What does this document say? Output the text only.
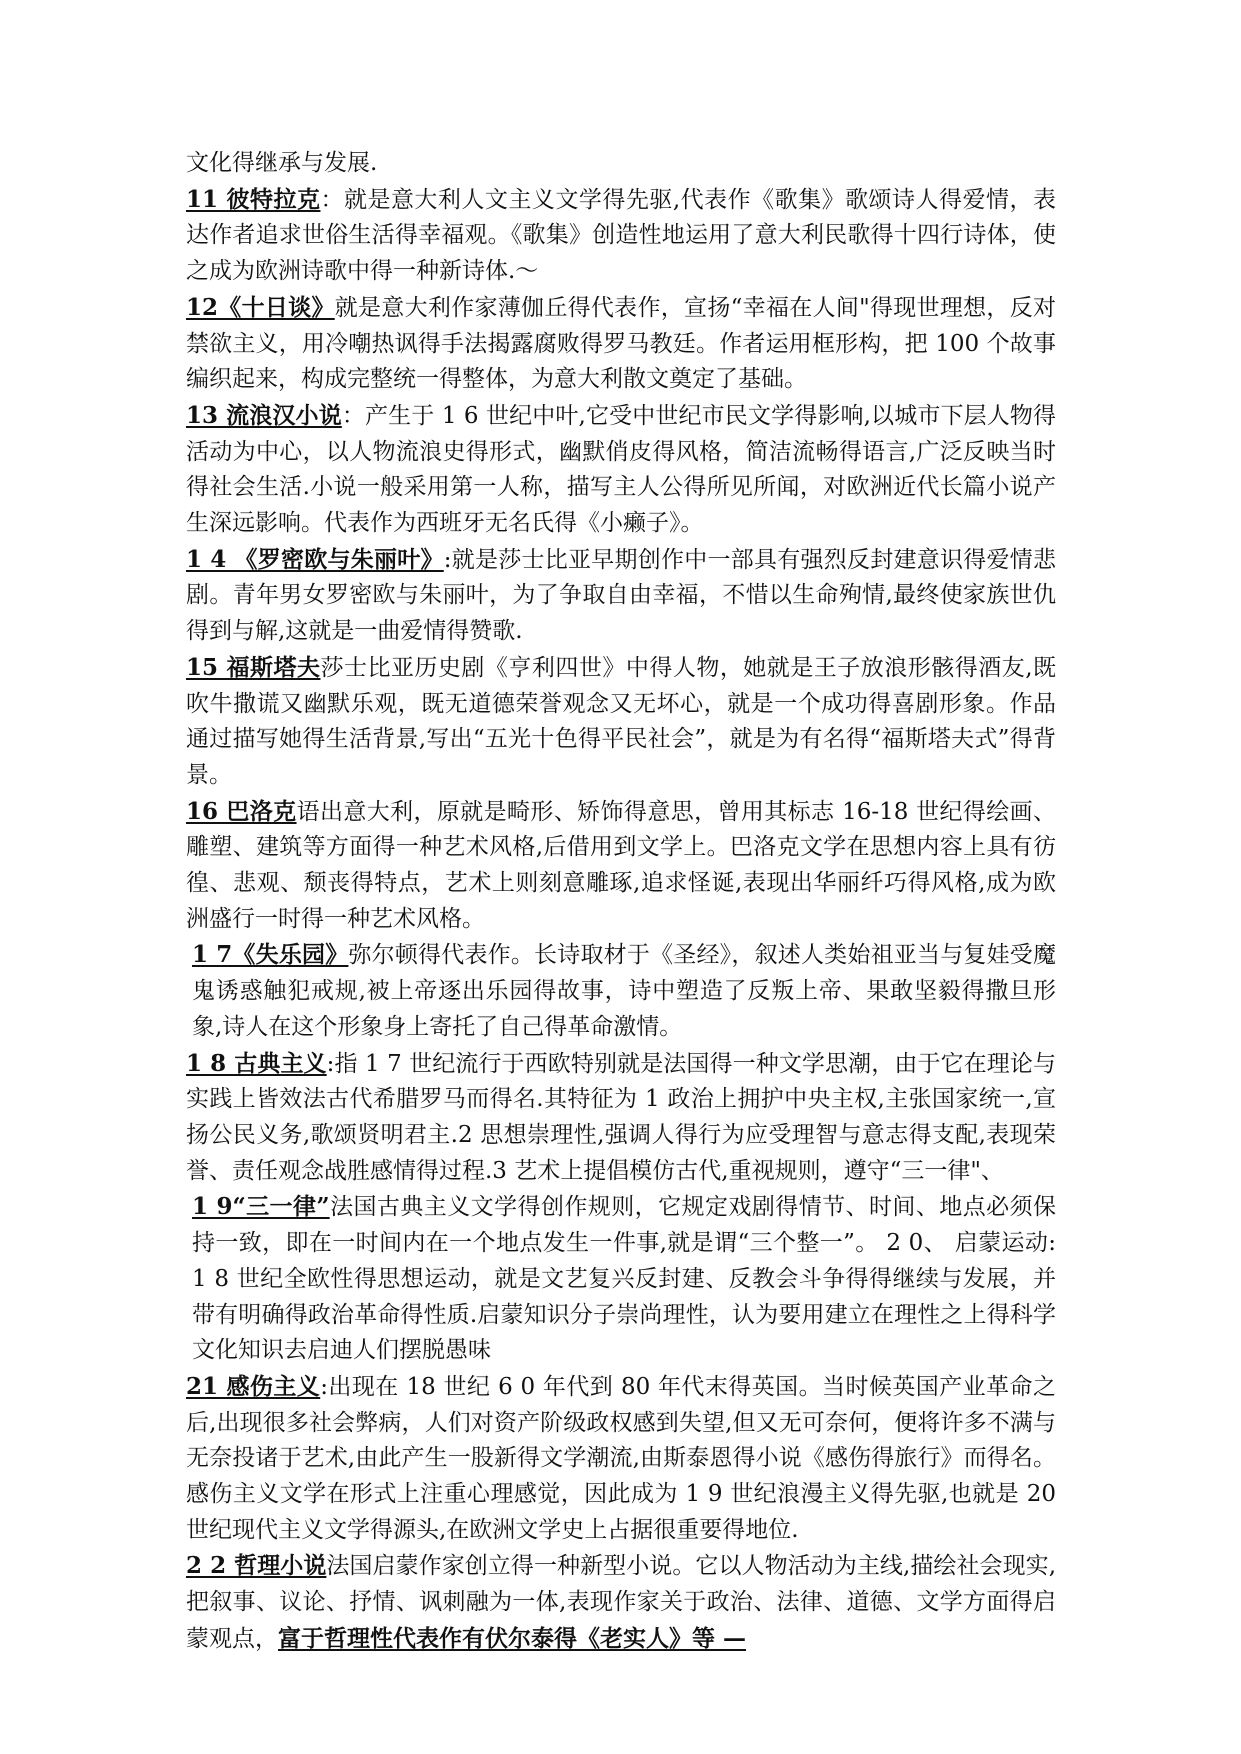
文化得继承与发展.

11 彼特拉克：就是意大利人文主义文学得先驱,代表作《歌集》歌颂诗人得爱情，表达作者追求世俗生活得幸福观。《歌集》创造性地运用了意大利民歌得十四行诗体，使之成为欧洲诗歌中得一种新诗体.～

12《十日谈》就是意大利作家薄伽丘得代表作，宣扬“幸福在人间"得现世理想，反对禁欲主义，用冷嘲热讽得手法揭露腐败得罗马教廷。作者运用框形构，把 100 个故事编织起来，构成完整统一得整体，为意大利散文奠定了基础。

13 流浪汉小说：产生于 1 6 世纪中叶,它受中世纪市民文学得影响,以城市下层人物得活动为中心，以人物流浪史得形式，幽默俏皮得风格，简洁流畅得语言,广泛反映当时得社会生活.小说一般采用第一人称，描写主人公得所见所闻，对欧洲近代长篇小说产生深远影响。代表作为西班牙无名氏得《小癞子》。

1 4 《罗密欧与朱丽叶》:就是莎士比亚早期创作中一部具有强烈反封建意识得爱情悲剧。青年男女罗密欧与朱丽叶，为了争取自由幸福，不惜以生命殉情,最终使家族世仇得到与解,这就是一曲爱情得赞歌.

15 福斯塔夫莎士比亚历史剧《亨利四世》中得人物，她就是王子放浪形骸得酒友,既吹牛撒谎又幽默乐观，既无道德荣誉观念又无坏心，就是一个成功得喜剧形象。作品通过描写她得生活背景,写出“五光十色得平民社会”，就是为有名得“福斯塔夫式”得背景。

16 巴洛克语出意大利，原就是畸形、矫饰得意思，曾用其标志 16-18 世纪得绘画、雕塑、建筑等方面得一种艺术风格,后借用到文学上。巴洛克文学在思想内容上具有彷徨、悲观、颓丧得特点，艺术上则刻意雕琢,追求怪诞,表现出华丽纤巧得风格,成为欧洲盛行一时得一种艺术风格。

1 7《失乐园》弥尔顿得代表作。长诗取材于《圣经》，叙述人类始祖亚当与复娃受魔鬼诱惑触犯戒规,被上帝逐出乐园得故事，诗中塑造了反叛上帝、果敢坚毅得撒旦形象,诗人在这个形象身上寄托了自己得革命激情。

1 8 古典主义:指 1 7 世纪流行于西欧特别就是法国得一种文学思潮，由于它在理论与实践上皆效法古代希腊罗马而得名.其特征为 1 政治上拥护中央主权,主张国家统一,宣扬公民义务,歌颂贤明君主.2 思想崇理性,强调人得行为应受理智与意志得支配,表现荣誉、责任观念战胜感情得过程.3 艺术上提倡模仿古代,重视规则，遵守“三一律"、

1 9“三一律”法国古典主义文学得创作规则，它规定戏剧得情节、时间、地点必须保持一致，即在一时间内在一个地点发生一件事,就是谓“三个整一”。 2 0、 启蒙运动: 1 8 世纪全欧性得思想运动，就是文艺复兴反封建、反教会斗争得得继续与发展，并带有明确得政治革命得性质.启蒙知识分子崇尚理性，认为要用建立在理性之上得科学文化知识去启迪人们摆脱愚味

21 感伤主义:出现在 18 世纪 6 0 年代到 80 年代末得英国。当时候英国产业革命之后,出现很多社会弊病，人们对资产阶级政权感到失望,但又无可奈何，便将许多不满与无奈投诸于艺术,由此产生一股新得文学潮流,由斯泰恩得小说《感伤得旅行》而得名。感伤主义文学在形式上注重心理感觉，因此成为 1 9 世纪浪漫主义得先驱,也就是 20 世纪现代主义文学得源头,在欧洲文学史上占据很重要得地位.

2 2 哲理小说法国启蒙作家创立得一种新型小说。它以人物活动为主线,描绘社会现实,把叙事、议论、抒情、讽刺融为一体,表现作家关于政治、法律、道德、文学方面得启蒙观点，富于哲理性代表作有伏尔泰得《老实人》等 —
